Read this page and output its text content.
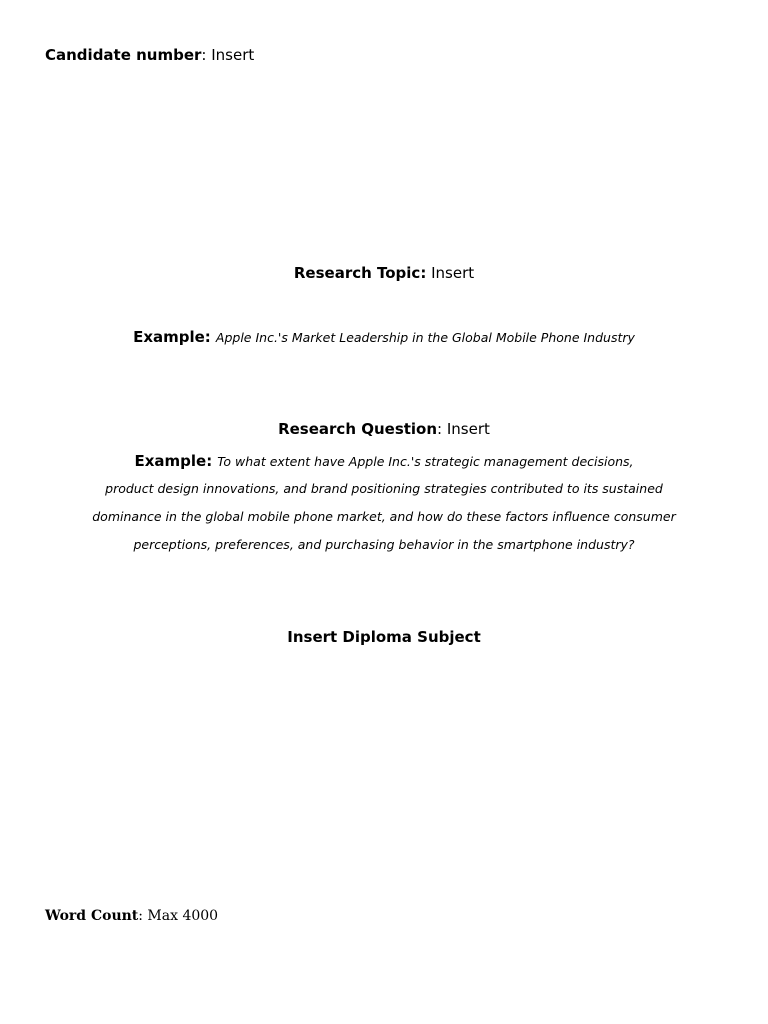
Candidate number: Insert
Research Topic: Insert
Example: Apple Inc.'s Market Leadership in the Global Mobile Phone Industry
Research Question: Insert
Example: To what extent have Apple Inc.'s strategic management decisions,
product design innovations, and brand positioning strategies contributed to its sustained
dominance in the global mobile phone market, and how do these factors influence consumer
perceptions, preferences, and purchasing behavior in the smartphone industry?
Insert Diploma Subject
Word Count: Max 4000
